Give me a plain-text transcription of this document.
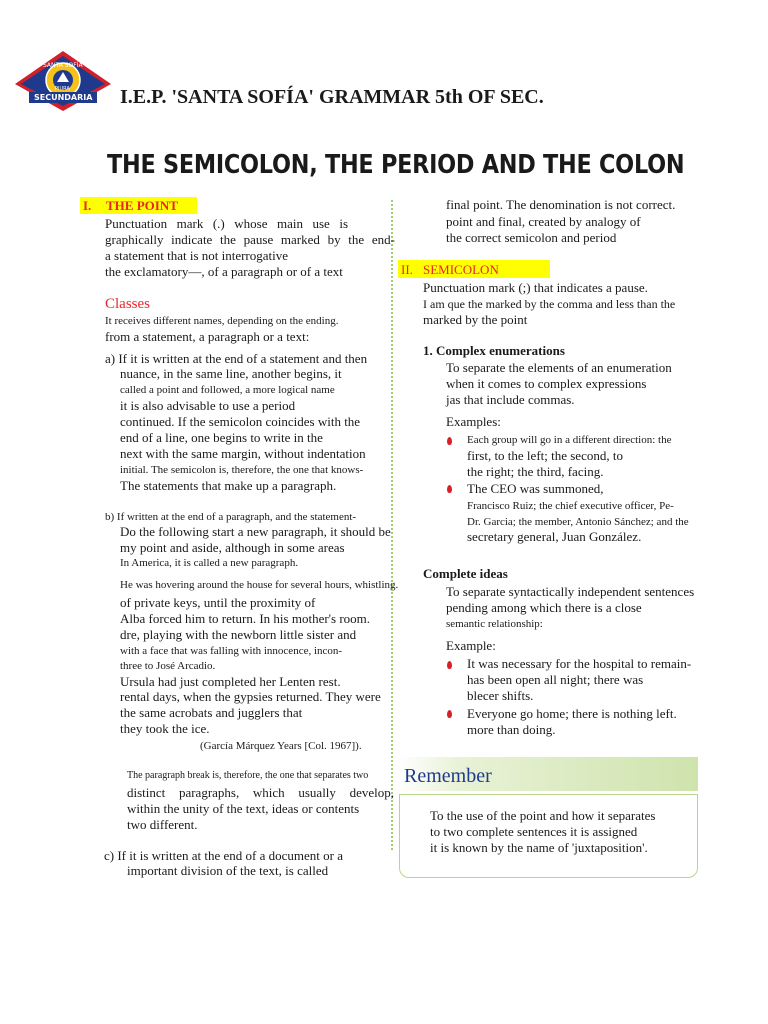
SANTA SOFÍA
PIURA
SECUNDARIA I.E.P. 'SANTA SOFÍA' GRAMMAR 5th OF SEC.
THE SEMICOLON, THE PERIOD AND THE COLON
I. THE POINT
Punctuation mark (.) whose main use is
graphically indicate the pause marked by the end-
a statement that is not interrogative
the exclamatory—, of a paragraph or of a text
Classes
It receives different names, depending on the ending.
from a statement, a paragraph or a text:
a) If it is written at the end of a statement and then
nuance, in the same line, another begins, it
called a point and followed, a more logical name
it is also advisable to use a period
continued. If the semicolon coincides with the
end of a line, one begins to write in the
next with the same margin, without indentation
initial. The semicolon is, therefore, the one that knows-
The statements that make up a paragraph.
b) If written at the end of a paragraph, and the statement-
Do the following start a new paragraph, it should be
my point and aside, although in some areas
In America, it is called a new paragraph.
He was hovering around the house for several hours, whistling.
of private keys, until the proximity of
Alba forced him to return. In his mother's room.
dre, playing with the newborn little sister and
with a face that was falling with innocence, incon-
three to José Arcadio.
Ursula had just completed her Lenten rest.
rental days, when the gypsies returned. They were
the same acrobats and jugglers that
they took the ice.
(García Márquez Years [Col. 1967]).
The paragraph break is, therefore, the one that separates two
distinct paragraphs, which usually develop,
within the unity of the text, ideas or contents
two different.
c) If it is written at the end of a document or a
important division of the text, is called
final point. The denomination is not correct.
point and final, created by analogy of
the correct semicolon and period
II. SEMICOLON
Punctuation mark (;) that indicates a pause.
I am que the marked by the comma and less than the
marked by the point
1. Complex enumerations
To separate the elements of an enumeration
when it comes to complex expressions
jas that include commas.
Examples:
Each group will go in a different direction: the
first, to the left; the second, to
the right; the third, facing.
The CEO was summoned,
Francisco Ruiz; the chief executive officer, Pe-
Dr. Garcia; the member, Antonio Sánchez; and the
secretary general, Juan González.
Complete ideas
To separate syntactically independent sentences
pending among which there is a close
semantic relationship:
Example:
It was necessary for the hospital to remain-
has been open all night; there was
blecer shifts.
Everyone go home; there is nothing left.
more than doing.
Remember
To the use of the point and how it separates
to two complete sentences it is assigned
it is known by the name of 'juxtaposition'.
